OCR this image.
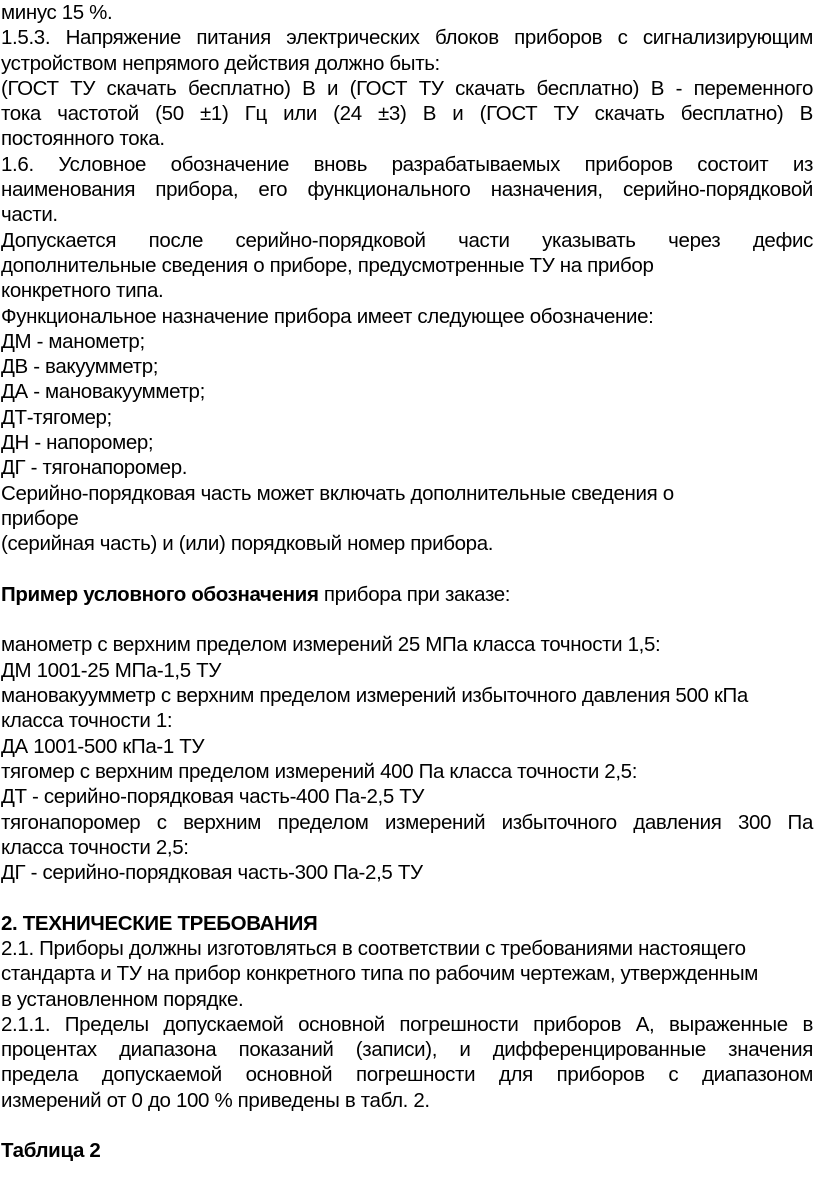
минус 15 %.
1.5.3. Напряжение питания электрических блоков приборов с сигнализирующим
устройством непрямого действия должно быть:
(ГОСТ ТУ скачать бесплатно) В и (ГОСТ ТУ скачать бесплатно) В - переменного
тока частотой (50 ±1) Гц или (24 ±3) В и (ГОСТ ТУ скачать бесплатно) В
постоянного тока.
1.6. Условное обозначение вновь разрабатываемых приборов состоит из
наименования прибора, его функционального назначения, серийно-порядковой
части.
Допускается после серийно-порядковой части указывать через дефис
дополнительные сведения о приборе, предусмотренные ТУ на прибор
конкретного типа.
Функциональное назначение прибора имеет следующее обозначение:
ДМ - манометр;
ДВ - вакуумметр;
ДА - мановакуумметр;
ДТ-тягомер;
ДН - напоромер;
ДГ - тягонапоромер.
Серийно-порядковая часть может включать дополнительные сведения о
приборе
(серийная часть) и (или) порядковый номер прибора.
Пример условного обозначения прибора при заказе:
манометр с верхним пределом измерений 25 МПа класса точности 1,5:
ДМ 1001-25 МПа-1,5 ТУ
мановакуумметр с верхним пределом измерений избыточного давления 500 кПа
класса точности 1:
ДА 1001-500 кПа-1 ТУ
тягомер с верхним пределом измерений 400 Па класса точности 2,5:
ДТ - серийно-порядковая часть-400 Па-2,5 ТУ
тягонапоромер с верхним пределом измерений избыточного давления 300 Па
класса точности 2,5:
ДГ - серийно-порядковая часть-300 Па-2,5 ТУ
2. ТЕХНИЧЕСКИЕ ТРЕБОВАНИЯ
2.1. Приборы должны изготовляться в соответствии с требованиями настоящего
стандарта и ТУ на прибор конкретного типа по рабочим чертежам, утвержденным
в установленном порядке.
2.1.1. Пределы допускаемой основной погрешности приборов А, выраженные в
процентах диапазона показаний (записи), и дифференцированные значения
предела допускаемой основной погрешности для приборов с диапазоном
измерений от 0 до 100 % приведены в табл. 2.
Таблица 2
